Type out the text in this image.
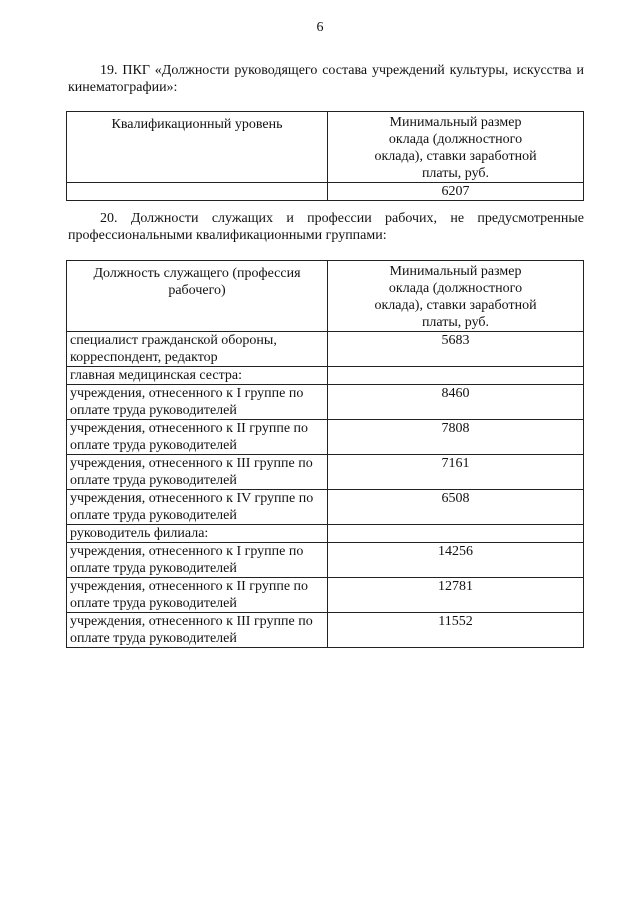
6
19. ПКГ «Должности руководящего состава учреждений культуры, искусства и кинематографии»:
Квалификационный уровень	Минимальный размер оклада (должностного оклада), ставки заработной платы, руб.
	6207
20. Должности служащих и профессии рабочих, не предусмотренные профессиональными квалификационными группами:
Должность служащего (профессия рабочего)	Минимальный размер оклада (должностного оклада), ставки заработной платы, руб.
специалист гражданской обороны, корреспондент, редактор	5683
главная медицинская сестра:	
учреждения, отнесенного к I группе по оплате труда руководителей	8460
учреждения, отнесенного к II группе по оплате труда руководителей	7808
учреждения, отнесенного к III группе по оплате труда руководителей	7161
учреждения, отнесенного к IV группе по оплате труда руководителей	6508
руководитель филиала:	
учреждения, отнесенного к I группе по оплате труда руководителей	14256
учреждения, отнесенного к II группе по оплате труда руководителей	12781
учреждения, отнесенного к III группе по оплате труда руководителей	11552
